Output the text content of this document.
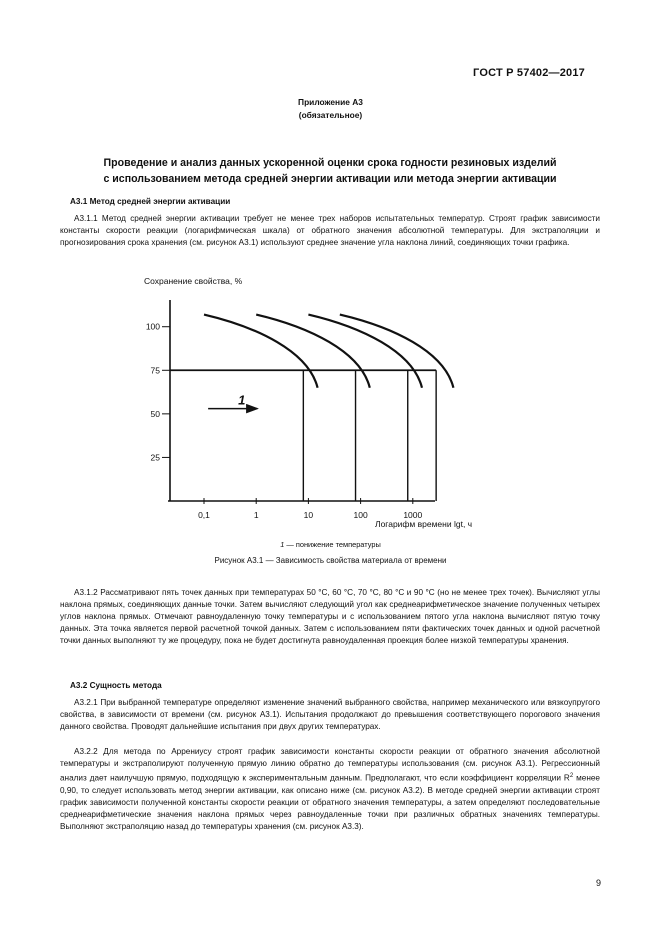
ГОСТ Р 57402—2017
Приложение А3
(обязательное)
Проведение и анализ данных ускоренной оценки срока годности резиновых изделий
с использованием метода средней энергии активации или метода энергии активации
А3.1 Метод средней энергии активации

А3.1.1 Метод средней энергии активации требует не менее трех наборов испытательных температур. Строят график зависимости константы скорости реакции (логарифмическая шкала) от обратного значения абсолютной температуры. Для экстраполяции и прогнозирования срока хранения (см. рисунок А3.1) используют среднее значение угла наклона линий, соединяющих точки графика.

Сохранение свойства, %
Логарифм времени lgt, ч
0,1	1	10	100	1000
25
50
75
100
1
1 — понижение температуры
Рисунок А3.1 — Зависимость свойства материала от времени

А3.1.2 Рассматривают пять точек данных при температурах 50 °C, 60 °C, 70 °C, 80 °C и 90 °C (но не менее трех точек). Вычисляют углы наклона прямых, соединяющих данные точки. Затем вычисляют следующий угол как среднеарифметическое значение полученных четырех углов наклона прямых. Отмечают равноудаленную точку температуры и с использованием пятого угла наклона вычисляют пятую точку данных. Эта точка является первой расчетной точкой данных. Затем с использованием пяти фактических точек данных и одной расчетной точки данных выполняют ту же процедуру, пока не будет достигнута равноудаленная проекция более низкой температуры хранения.

А3.2 Сущность метода

А3.2.1 При выбранной температуре определяют изменение значений выбранного свойства, например механического или вязкоупругого свойства, в зависимости от времени (см. рисунок А3.1). Испытания продолжают до превышения соответствующего порогового значения данного свойства. Проводят дальнейшие испытания при двух других температурах.

А3.2.2 Для метода по Аррениусу строят график зависимости константы скорости реакции от обратного значения абсолютной температуры и экстраполируют полученную прямую линию обратно до температуры использования (см. рисунок А3.1). Регрессионный анализ дает наилучшую прямую, подходящую к экспериментальным данным. Предполагают, что если коэффициент корреляции $R^2$ менее 0,90, то следует использовать метод энергии активации, как описано ниже (см. рисунок А3.2). В методе средней энергии активации строят график зависимости полученной константы скорости реакции от обратного значения температуры, а затем определяют последовательные среднеарифметические значения наклона прямых через равноудаленные точки при различных обратных значениях температуры. Выполняют экстраполяцию назад до температуры хранения (см. рисунок А3.3).

9
